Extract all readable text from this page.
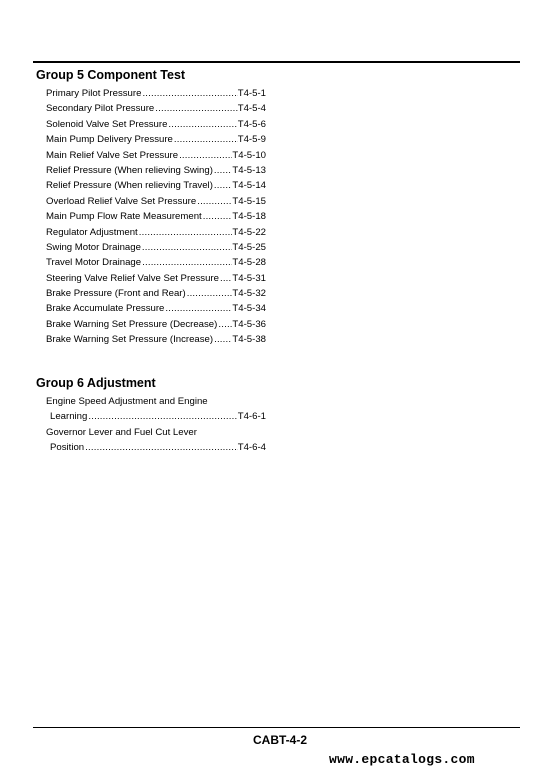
Group 5 Component Test
Primary Pilot Pressure .....	T4-5-1
Secondary Pilot Pressure .....	T4-5-4
Solenoid Valve Set Pressure .....	T4-5-6
Main Pump Delivery Pressure .....	T4-5-9
Main Relief Valve Set Pressure .....	T4-5-10
Relief Pressure (When relieving Swing) ..... T4-5-13
Relief Pressure (When relieving Travel) ..... T4-5-14
Overload Relief Valve Set Pressure .....	T4-5-15
Main Pump Flow Rate Measurement .....	T4-5-18
Regulator Adjustment .....	T4-5-22
Swing Motor Drainage .....	T4-5-25
Travel Motor Drainage .....	T4-5-28
Steering Valve Relief Valve Set Pressure ..... T4-5-31
Brake Pressure (Front and Rear) .....	T4-5-32
Brake Accumulate Pressure .....	T4-5-34
Brake Warning Set Pressure (Decrease) ..... T4-5-36
Brake Warning Set Pressure (Increase) ..... T4-5-38
Group 6 Adjustment
Engine Speed Adjustment and Engine
Learning .....	T4-6-1
Governor Lever and Fuel Cut Lever
Position .....	T4-6-4
CABT-4-2
www.epcatalogs.com
